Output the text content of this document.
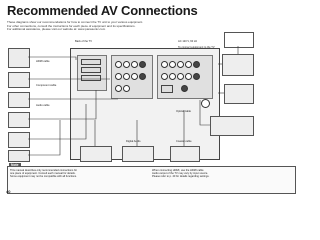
Recommended AV Connections
These diagrams show our recommendations for how to connect the TV unit to your various equipment.
For other connections, consult the instructions for each piece of equipment and its specifications.
For additional assistance, please visit our website at: www.panasonic.com
Back of the TV	AC 120 V, 60 Hz
To connect equipment to the TV
HDMI cable
Component cable
Audio cable
Optical cable
Coaxial cable
Digital Audio
Note
This manual describes only recommended connections for
one piece of equipment. Consult each manual for details.
Some equipment may not be compatible with all functions.
When connecting HDMI, use the HDMI cable
Audio output of the TV may vary by input source.
Please refer to p. 40 for details regarding settings.
40
